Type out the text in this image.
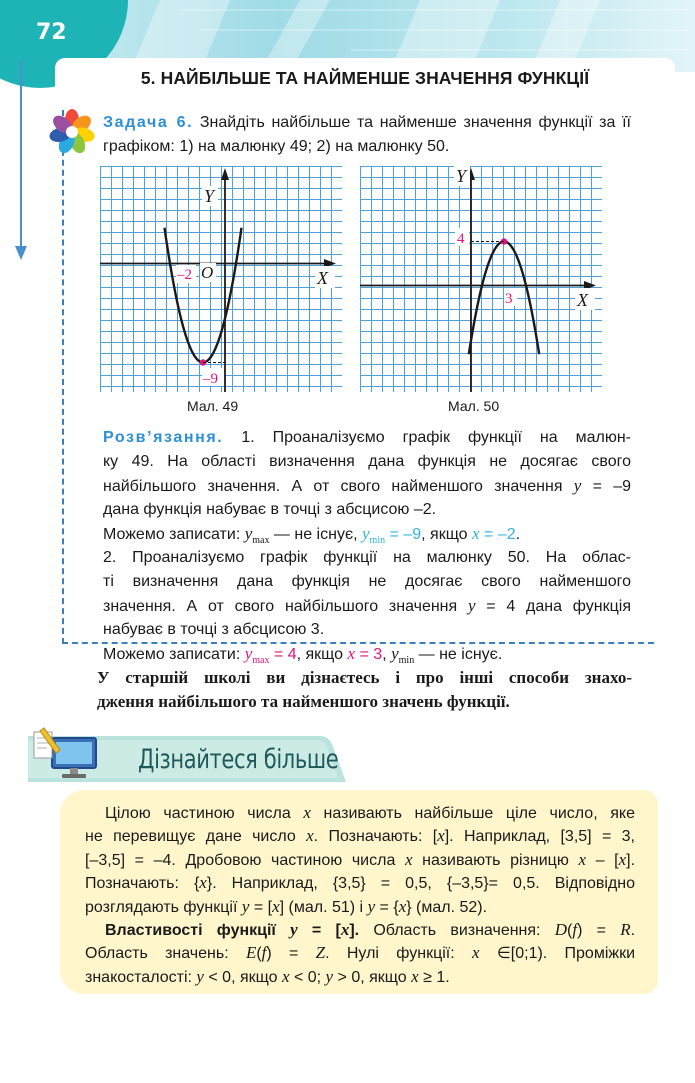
72
5. НАЙБІЛЬШЕ ТА НАЙМЕНШЕ ЗНАЧЕННЯ ФУНКЦІЇ
Задача 6. Знайдіть найбільше та найменше значення функції за її графіком: 1) на малюнку 49; 2) на малюнку 50.
Y
X
O
–2
–9
Мал. 49
Y
X
4
3
Мал. 50
Розв’язання. 1. Проаналізуємо графік функції на малюн-
ку 49. На області визначення дана функція не досягає свого
найбільшого значення. А от свого найменшого значення y = –9
дана функція набуває в точці з абсцисою –2.
Можемо записати: $y_{max}$ — не існує, $y_{min} = -9$, якщо x = –2.
2. Проаналізуємо графік функції на малюнку 50. На облас-
ті визначення дана функція не досягає свого найменшого
значення. А от свого найбільшого значення y = 4 дана функція
набуває в точці з абсцисою 3.
Можемо записати: $y_{max} = 4$, якщо x = 3, $y_{min}$ — не існує.
У старшій школі ви дізнаєтесь і про інші способи знахо-
дження найбільшого та найменшого значень функції.
Дізнайтеся більше
Цілою частиною числа x називають найбільше ціле число, яке
не перевищує дане число x. Позначають: [x]. Наприклад, [3,5] = 3,
[–3,5] = –4. Дробовою частиною числа x називають різницю x – [x].
Позначають: {x}. Наприклад, {3,5} = 0,5, {–3,5}= 0,5. Відповідно
розглядають функції y = [x] (мал. 51) і y = {x} (мал. 52).
Властивості функції y = [x]. Область визначення: D(f) = R.
Область значень: E(f) = Z. Нулі функції: x ∈[0;1). Проміжки
знакосталості: y < 0, якщо x < 0; y > 0, якщо x ≥ 1.
